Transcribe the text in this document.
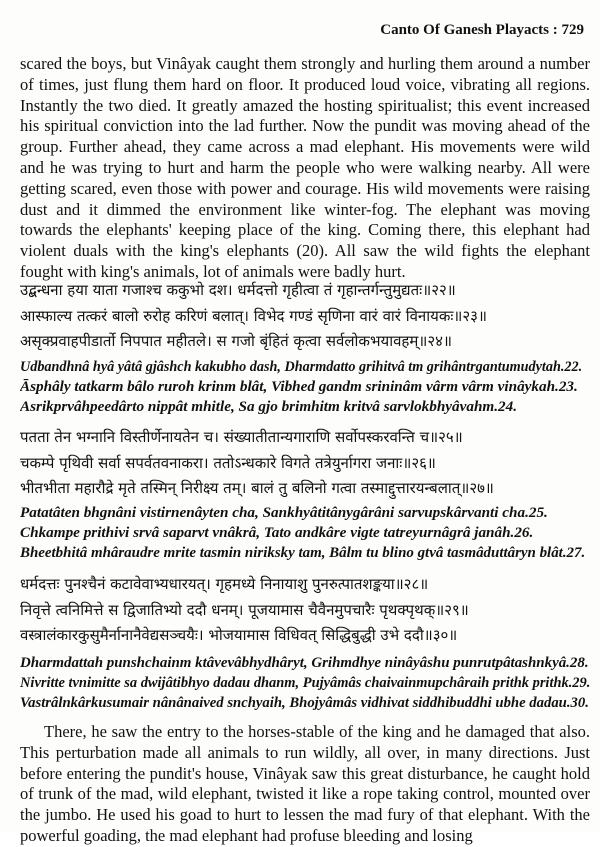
Canto Of Ganesh Playacts : 729

scared the boys, but Vinâyak caught them strongly and hurling them around a number of times, just flung them hard on floor. It produced loud voice, vibrating all regions. Instantly the two died. It greatly amazed the hosting spiritualist; this event increased his spiritual conviction into the lad further. Now the pundit was moving ahead of the group. Further ahead, they came across a mad elephant. His movements were wild and he was trying to hurt and harm the people who were walking nearby. All were getting scared, even those with power and courage. His wild movements were raising dust and it dimmed the environment like winter-fog. The elephant was moving towards the elephants' keeping place of the king. Coming there, this elephant had violent duals with the king's elephants (20). All saw the wild fights the elephant fought with king's animals, lot of animals were badly hurt.

उद्बन्धना हया याता गजाश्च ककुभो दश। धर्मदत्तो गृहीत्वा तं गृहान्तर्गन्तुमुद्यतः॥२२॥
आस्फाल्य तत्करं बालो रुरोह करिणं बलात्। विभेद गण्डं सृणिना वारं वारं विनायकः॥२३॥
असृक्प्रवाहपीडार्तो निपपात महीतले। स गजो बृंहितं कृत्वा सर्वलोकभयावहम्॥२४॥
Udbandhnâ hyâ yâtâ gjâshch kakubho dash, Dharmdatto grihitvâ tm grihântrgantumudytah.22.
Āsphâly tatkarm bâlo ruroh krinm blât, Vibhed gandm srininâm vârm vârm vinâykah.23.
Asrikprvâhpeedârto nippât mhitle, Sa gjo brimhitm kritvâ sarvlokbhyâvahm.24.
पतता तेन भग्नानि विस्तीर्णेनायतेन च। संख्यातीतान्यगाराणि सर्वोपस्करवन्ति च॥२५॥
चकम्पे पृथिवी सर्वा सपर्वतवनाकरा। ततोऽन्धकारे विगते तत्रेयुर्नागरा जनाः॥२६॥
भीतभीता महारौद्रे मृते तस्मिन् निरीक्ष्य तम्। बालं तु बलिनो गत्वा तस्माद्दुत्तारयन्बलात्॥२७॥
Patatâten bhgnâni vistirnenâyten cha, Sankhyâtitânygârâni sarvupskârvanti cha.25.
Chkampe prithivi srvâ saparvt vnâkrâ, Tato andkâre vigte tatreyurnâgrâ janâh.26.
Bheetbhitâ mhâraudre mrite tasmin niriksky tam, Bâlm tu blino gtvâ tasmâduttâryn blât.27.
धर्मदत्तः पुनश्चैनं कटावेवाभ्यधारयत्। गृहमध्ये निनायाशु पुनरुत्पातशङ्कया॥२८॥
निवृत्ते त्वनिमित्ते स द्विजातिभ्यो ददौ धनम्। पूजयामास चैवैनमुपचारैः पृथक्पृथक्॥२९॥
वस्त्रालंकारकुसुमैर्नानानैवेद्यसञ्चयैः। भोजयामास विधिवत् सिद्धिबुद्धी उभे ददौ॥३०॥
Dharmdattah punshchainm ktâvevâbhydhâryt, Grihmdhye ninâyâshu punrutpâtashnkyâ.28.
Nivritte tvnimitte sa dwijâtibhyo dadau dhanm, Pujyâmâs chaivainmupchâraih prithk prithk.29.
Vastrâlnkârkusumair nânânaived snchyaih, Bhojyâmâs vidhivat siddhibuddhi ubhe dadau.30.

There, he saw the entry to the horses-stable of the king and he damaged that also. This perturbation made all animals to run wildly, all over, in many directions. Just before entering the pundit's house, Vinâyak saw this great disturbance, he caught hold of trunk of the mad, wild elephant, twisted it like a rope taking control, mounted over the jumbo. He used his goad to hurt to lessen the mad fury of that elephant. With the powerful goading, the mad elephant had profuse bleeding and losing
